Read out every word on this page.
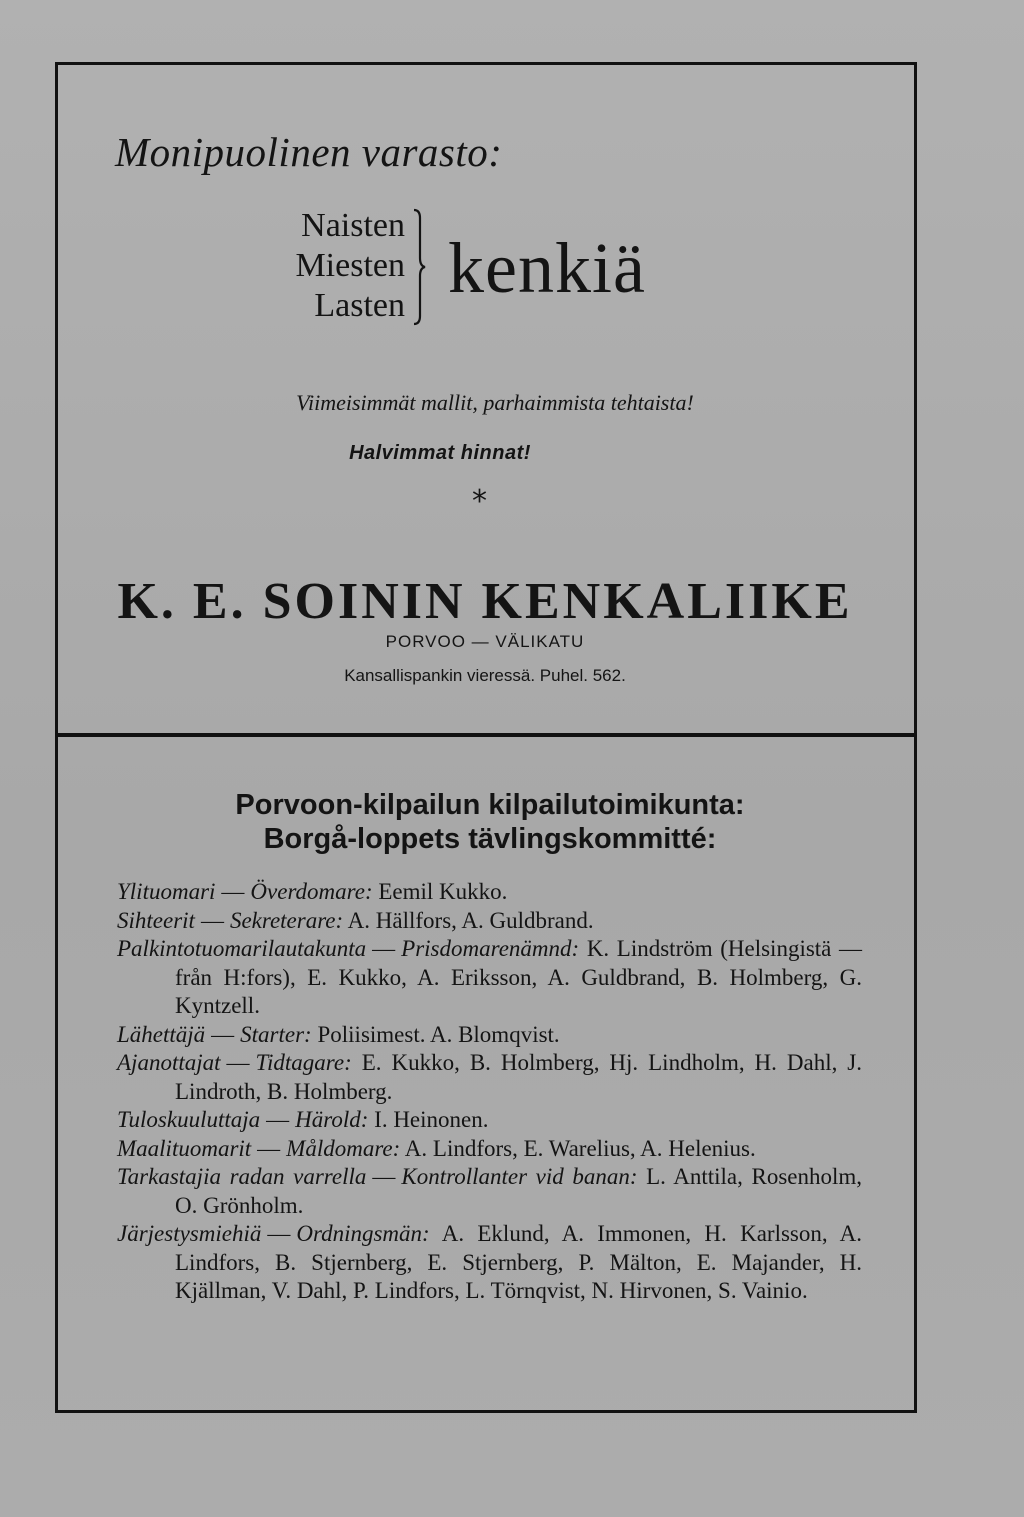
Monipuolinen varasto:
Naisten
Miesten
Lasten kenkiä
Viimeisimmät mallit, parhaimmista tehtaista!
Halvimmat hinnat!
*
K. E. SOININ KENKALIIKE
PORVOO — VÄLIKATU
Kansallispankin vieressä. Puhel. 562.
Porvoon-kilpailun kilpailutoimikunta:
Borgå-loppets tävlingskommitté:
Ylituomari — Överdomare: Eemil Kukko.
Sihteerit — Sekreterare: A. Hällfors, A. Guldbrand.
Palkintotuomarilautakunta — Prisdomarenämnd: K. Lindström (Helsingistä — från H:fors), E. Kukko, A. Eriksson, A. Guldbrand, B. Holmberg, G. Kyntzell.
Lähettäjä — Starter: Poliisimest. A. Blomqvist.
Ajanottajat — Tidtagare: E. Kukko, B. Holmberg, Hj. Lindholm, H. Dahl, J. Lindroth, B. Holmberg.
Tuloskuuluttaja — Härold: I. Heinonen.
Maalituomarit — Måldomare: A. Lindfors, E. Warelius, A. Helenius.
Tarkastajia radan varrella — Kontrollanter vid banan: L. Anttila, Rosenholm, O. Grönholm.
Järjestysmiehiä — Ordningsmän: A. Eklund, A. Immonen, H. Karlsson, A. Lindfors, B. Stjernberg, E. Stjernberg, P. Mälton, E. Majander, H. Kjällman, V. Dahl, P. Lindfors, L. Törnqvist, N. Hirvonen, S. Vainio.
